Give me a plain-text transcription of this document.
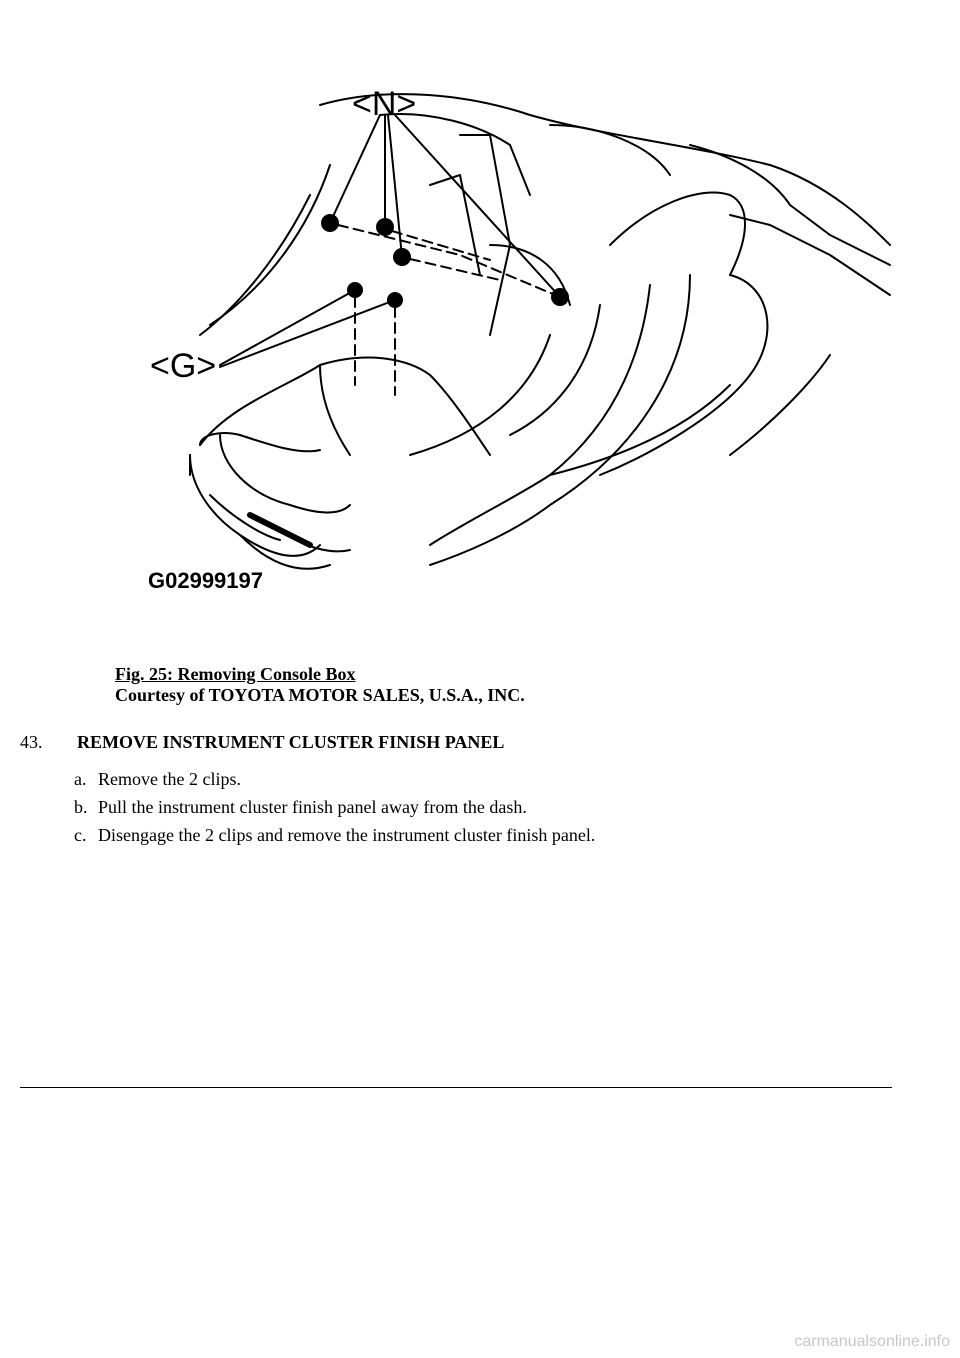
<N>
<G>
G02999197
Fig. 25: Removing Console Box
Courtesy of TOYOTA MOTOR SALES, U.S.A., INC.
43. REMOVE INSTRUMENT CLUSTER FINISH PANEL
a. Remove the 2 clips.
b. Pull the instrument cluster finish panel away from the dash.
c. Disengage the 2 clips and remove the instrument cluster finish panel.
carmanualsonline.info
